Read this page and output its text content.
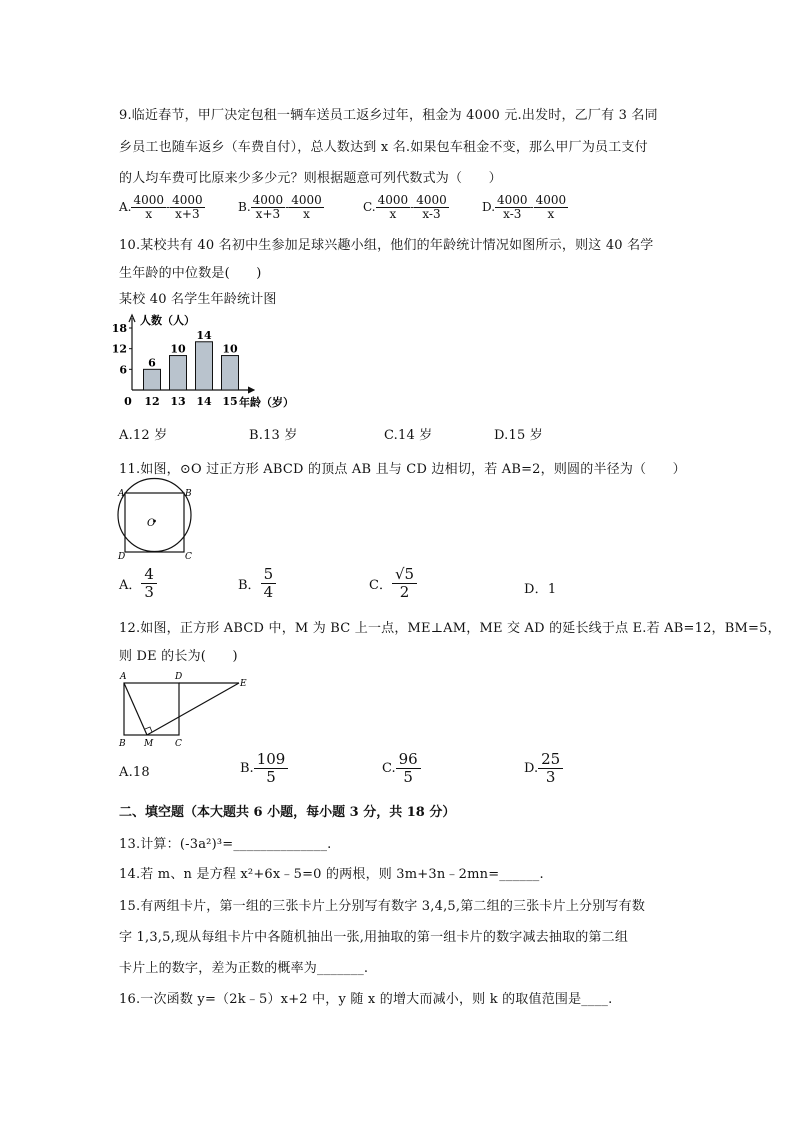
9.临近春节，甲厂决定包租一辆车送员工返乡过年，租金为 4000 元.出发时，乙厂有 3 名同
乡员工也随车返乡（车费自付），总人数达到 x 名.如果包车租金不变，那么甲厂为员工支付
的人均车费可比原来少多少元？则根据题意可列代数式为（　　）
A. $\frac{4000}{x} - \frac{4000}{x+3}$	B. $\frac{4000}{x+3} - \frac{4000}{x}$	C. $\frac{4000}{x} - \frac{4000}{x-3}$	D. $\frac{4000}{x-3} - \frac{4000}{x}$
10.某校共有 40 名初中生参加足球兴趣小组，他们的年龄统计情况如图所示，则这 40 名学
生年龄的中位数是(　　)
某校 40 名学生年龄统计图
6
12
18
6
12
10
13
14
14
10
15
人数（人）
年龄（岁）
0
A.12 岁	B.13 岁	C.14 岁	D.15 岁
11.如图，⊙O 过正方形 ABCD 的顶点 AB 且与 CD 边相切，若 AB=2，则圆的半径为（　　）
A	B
C
D
O
A． $\frac{4}{3}$	B． $\frac{5}{4}$	C． $\frac{√5}{2}$	D．1
12.如图，正方形 ABCD 中，M 为 BC 上一点，ME⊥AM，ME 交 AD 的延长线于点 E.若 AB=12，BM=5，
则 DE 的长为(　　)
A	D
E
B M C
A.18	B. $\frac{109}{5}$	C. $\frac{96}{5}$	D. $\frac{25}{3}$
二、填空题（本大题共 6 小题，每小题 3 分，共 18 分）
13.计算：(-3a²)³=______________.
14.若 m、n 是方程 x²+6x﹣5=0 的两根，则 3m+3n﹣2mn=______.
15.有两组卡片，第一组的三张卡片上分别写有数字 3,4,5,第二组的三张卡片上分别写有数
字 1,3,5,现从每组卡片中各随机抽出一张,用抽取的第一组卡片的数字减去抽取的第二组
卡片上的数字，差为正数的概率为_______.
16.一次函数 y=（2k﹣5）x+2 中，y 随 x 的增大而减小，则 k 的取值范围是____.
